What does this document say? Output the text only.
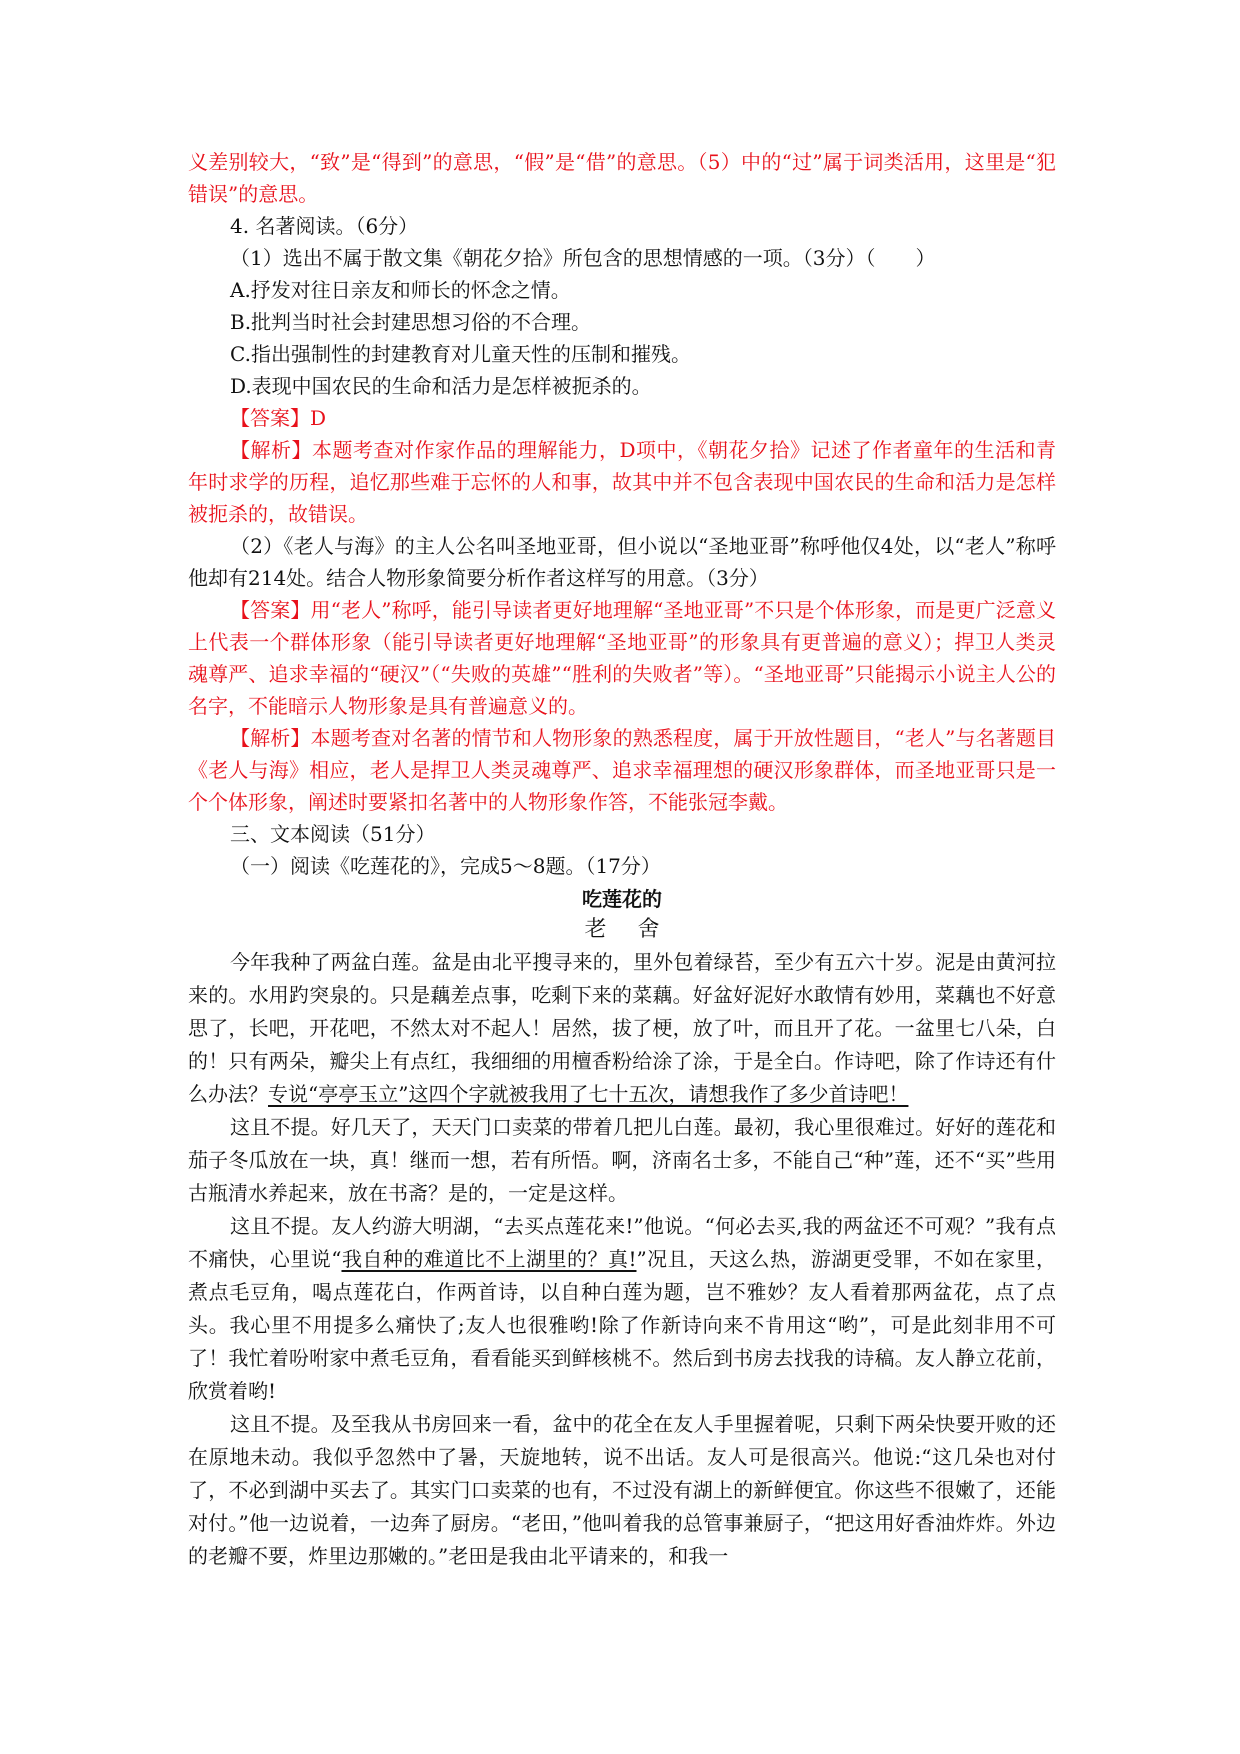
义差别较大，“致”是“得到”的意思，“假”是“借”的意思。（5）中的“过”属于词类活用，这里是“犯错误”的意思。

4. 名著阅读。（6分）

（1）选出不属于散文集《朝花夕拾》所包含的思想情感的一项。（3分）（　　）

A.抒发对往日亲友和师长的怀念之情。

B.批判当时社会封建思想习俗的不合理。

C.指出强制性的封建教育对儿童天性的压制和摧残。

D.表现中国农民的生命和活力是怎样被扼杀的。

【答案】D

【解析】本题考查对作家作品的理解能力，D项中，《朝花夕拾》记述了作者童年的生活和青年时求学的历程，追忆那些难于忘怀的人和事，故其中并不包含表现中国农民的生命和活力是怎样被扼杀的，故错误。

（2）《老人与海》的主人公名叫圣地亚哥，但小说以“圣地亚哥”称呼他仅4处，以“老人”称呼他却有214处。结合人物形象简要分析作者这样写的用意。（3分）

【答案】用“老人”称呼，能引导读者更好地理解“圣地亚哥”不只是个体形象，而是更广泛意义上代表一个群体形象（能引导读者更好地理解“圣地亚哥”的形象具有更普遍的意义）；捍卫人类灵魂尊严、追求幸福的“硬汉”（“失败的英雄”“胜利的失败者”等）。“圣地亚哥”只能揭示小说主人公的名字，不能暗示人物形象是具有普遍意义的。

【解析】本题考查对名著的情节和人物形象的熟悉程度，属于开放性题目，“老人”与名著题目《老人与海》相应，老人是捍卫人类灵魂尊严、追求幸福理想的硬汉形象群体，而圣地亚哥只是一个个体形象，阐述时要紧扣名著中的人物形象作答，不能张冠李戴。

三、文本阅读（51分）

（一）阅读《吃莲花的》，完成5～8题。（17分）

吃莲花的
老 舍

今年我种了两盆白莲。盆是由北平搜寻来的，里外包着绿苔，至少有五六十岁。泥是由黄河拉来的。水用趵突泉的。只是藕差点事，吃剩下来的菜藕。好盆好泥好水敢情有妙用，菜藕也不好意思了，长吧，开花吧，不然太对不起人！居然，拔了梗，放了叶，而且开了花。一盆里七八朵，白的！只有两朵，瓣尖上有点红，我细细的用檀香粉给涂了涂，于是全白。作诗吧，除了作诗还有什么办法？专说“亭亭玉立”这四个字就被我用了七十五次，请想我作了多少首诗吧！

这且不提。好几天了，天天门口卖菜的带着几把儿白莲。最初，我心里很难过。好好的莲花和茄子冬瓜放在一块，真！继而一想，若有所悟。啊，济南名士多，不能自己“种”莲，还不“买”些用古瓶清水养起来，放在书斋？是的，一定是这样。

这且不提。友人约游大明湖，“去买点莲花来!”他说。“何必去买,我的两盆还不可观？”我有点不痛快，心里说“我自种的难道比不上湖里的？真!”况且，天这么热，游湖更受罪，不如在家里，煮点毛豆角，喝点莲花白，作两首诗，以自种白莲为题，岂不雅妙？友人看着那两盆花，点了点头。我心里不用提多么痛快了;友人也很雅哟!除了作新诗向来不肯用这“哟”，可是此刻非用不可了！我忙着吩咐家中煮毛豆角，看看能买到鲜核桃不。然后到书房去找我的诗稿。友人静立花前，欣赏着哟!

这且不提。及至我从书房回来一看，盆中的花全在友人手里握着呢，只剩下两朵快要开败的还在原地未动。我似乎忽然中了暑，天旋地转，说不出话。友人可是很高兴。他说:“这几朵也对付了，不必到湖中买去了。其实门口卖菜的也有，不过没有湖上的新鲜便宜。你这些不很嫩了，还能对付。”他一边说着，一边奔了厨房。“老田，”他叫着我的总管事兼厨子，“把这用好香油炸炸。外边的老瓣不要，炸里边那嫩的。”老田是我由北平请来的，和我一
